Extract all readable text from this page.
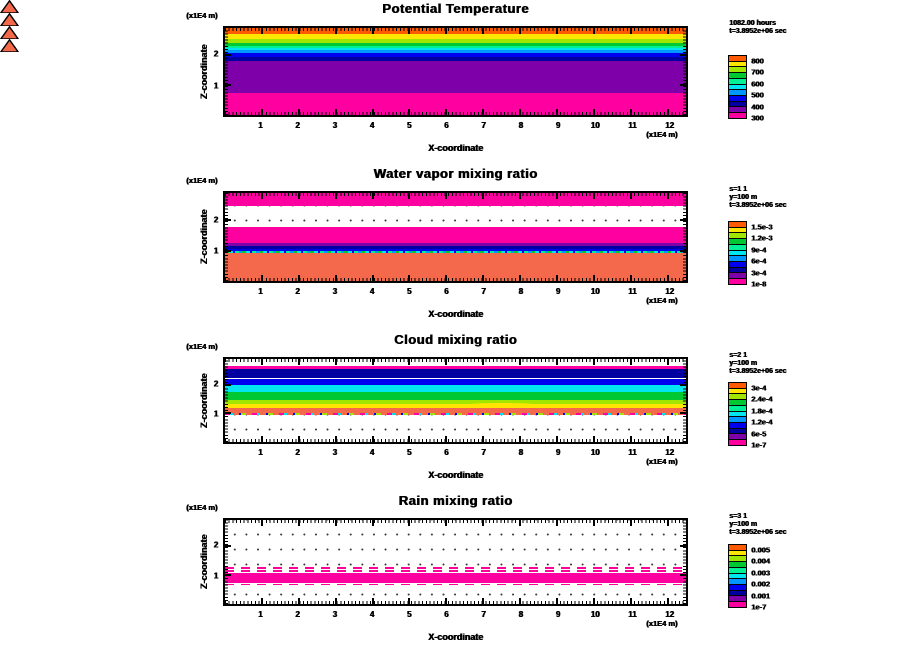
Potential Temperature
(x1E4 m)
Z-coordinate 1
2
1	2	3	4	5	6	7	8	9	10	11	12
(x1E4 m)
X-coordinate
1082.00 hours
t=3.8952e+06 sec
800
700
600
500
400
300
Water vapor mixing ratio
(x1E4 m)
Z-coordinate 1
2
1	2	3	4	5	6	7	8	9	10	11	12
(x1E4 m)
X-coordinate
s=1 1
y=100 m
t=3.8952e+06 sec
1.5e-3
1.2e-3
9e-4
6e-4
3e-4
1e-8
Cloud mixing ratio
(x1E4 m)
Z-coordinate 1
2
1	2	3	4	5	6	7	8	9	10	11	12
(x1E4 m)
X-coordinate
s=2 1
y=100 m
t=3.8952e+06 sec
3e-4
2.4e-4
1.8e-4
1.2e-4
6e-5
1e-7
Rain mixing ratio
(x1E4 m)
Z-coordinate 1
2
1	2	3	4	5	6	7	8	9	10	11	12
(x1E4 m)
X-coordinate
s=3 1
y=100 m
t=3.8952e+06 sec
0.005
0.004
0.003
0.002
0.001
1e-7
